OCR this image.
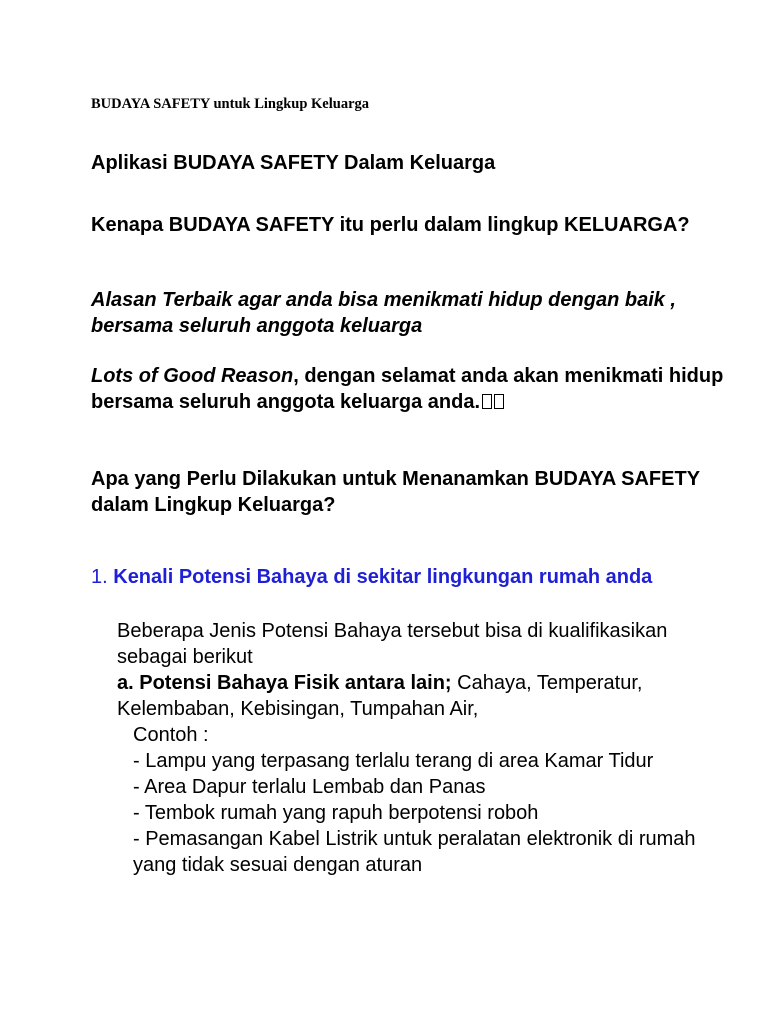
BUDAYA SAFETY untuk Lingkup Keluarga

Aplikasi BUDAYA SAFETY Dalam Keluarga

Kenapa BUDAYA SAFETY itu perlu dalam lingkup KELUARGA?

Alasan Terbaik agar anda bisa menikmati hidup dengan baik , bersama seluruh anggota keluarga

Lots of Good Reason, dengan selamat anda akan menikmati hidup bersama seluruh anggota keluarga anda.

Apa yang Perlu Dilakukan untuk Menanamkan BUDAYA SAFETY dalam Lingkup Keluarga?

1. Kenali Potensi Bahaya di sekitar lingkungan rumah anda

Beberapa Jenis Potensi Bahaya tersebut bisa di kualifikasikan sebagai berikut
a. Potensi Bahaya Fisik antara lain; Cahaya, Temperatur, Kelembaban, Kebisingan, Tumpahan Air,
Contoh :
- Lampu yang terpasang terlalu terang di area Kamar Tidur
- Area Dapur terlalu Lembab dan Panas
- Tembok rumah yang rapuh berpotensi roboh
- Pemasangan Kabel Listrik untuk peralatan elektronik di rumah yang tidak sesuai dengan aturan
